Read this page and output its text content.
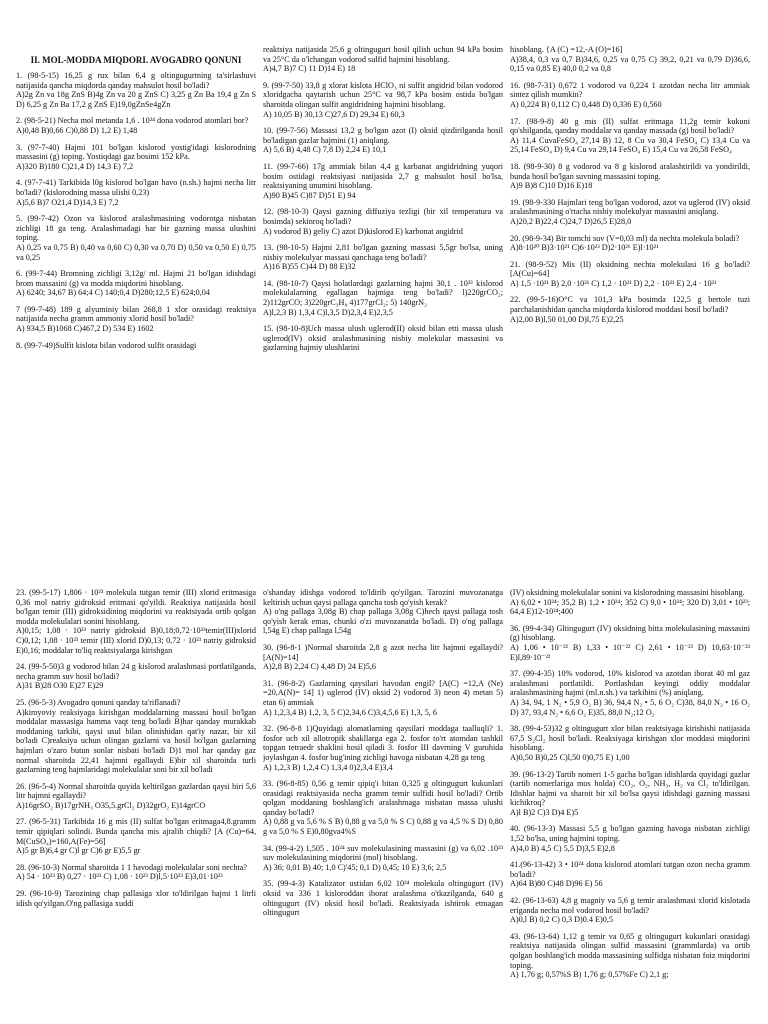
II. MOL-MODDA MIQDORI. AVOGADRO QONUNI

1. (98-5-15) 16,25 g rux bilan 6,4 g oltingugurtning ta'sirlashuvi natijasida qancha miqdorda qanday mahsulot hosil bo'ladi?

A)2g Zn va 18g ZnS B)4g Zn va 20 g ZnS C) 3,25 g Zn Ba 19,4 g Zn S D) 6,25 g Zn Ba 17,2 g ZnS E)19,0gZnSe4gZn

2. (98-5-21) Necha mol metanda 1,6 . 10²⁴ dona vodorod atomlari bor?

A)0,48 B)0,66 C)0,88 D) 1,2 E) 1,48

3. (97-7-40) Hajmi 101 bo'lgan kislorod yostig'idagi kislorodning massasini (g) toping. Yostiqdagi gaz bosimi 152 kPa.

A)320 B)180 C)21,4 D) 14,3 E) 7,2

4. (97-7-41) Tarkibida l0g kislorod bo'lgan havo (n.sh.) hajmi necha litr bo'ladi? (kislorodning massa ulishi 0,23)

A)5,6 B)7 O21,4 D)14,3 E) 7,2

5. (99-7-42) Ozon va kislorod aralashmasining vodorotga nisbatan zichligi 18 ga teng. Aralashmadagi har bir gazning massa ulushini toping.

A) 0,25 va 0,75 B) 0,40 va 0,60 C) 0,30 va 0,70 D) 0,50 va 0,50 E) 0,75 va 0,25

6. (99-7-44) Bromning zichligi 3,12g/ ml. Hajmi 21 bo'lgan idishdagi brom massasini (g) va modda miqdorini hisoblang.

A) 6240; 34,67 B) 64;4 C) 140;0,4 D)280;12,5 E) 624;0,04

7 (99-7-48) 189 g alyuminiy bilan 268,8 1 xlor orasidagi reaktsiya natijasida necha gramm ammoniy xlorid hosil bo'ladi?

A) 934,5 B)1068 C)467,2 D) 534 E) 1602

8. (99-7-49)Sulfit kislota bilan vodorod sulfit orasidagi

reaktsiya natijasida 25,6 g oltingugurt hosil qilish uchun 94 kPa bosim va 25°C da o'lchangan vodorod sulfid hajmini hisoblang.

A)4,7 B)7 C) 11 D)14 E) 18

9. (99-7-50) 33,8 g xlorat kislota HClO₃ ni sulfit angidrid bilan vodorod xloridgacha qaytarish uchun 25°C va 98,7 kPa bosim ostida bo'lgan sharoitda olingan sulfit angidridning hajmini hisoblang.

A) 10,05 B) 30,13 C)27,6 D) 29,34 E) 60,3

10. (99-7-56) Massasi 13,2 g bo'lgan azot (I) oksid qizdirilganda hosil bo'ladigan gazlar hajmini (1) aniqlang.

A) 5,6 B) 4,48 C) 7,8 D) 2,24 E) 10,1

11. (99-7-66) 17g ammiak bilan 4,4 g karbanat angidridning yuqori bosim ostidagi reaktsiyasi natijasida 2,7 g mahsulot hosil bo'lsa, reaktsiyaning unumini hisoblang.

A)90 B)45 C)87 D)51 E) 94

12. (98-10-3) Qaysi gazning diffuziya tezligi (bir xil temperatura va bosimda) sekinroq bo'ladi?

A) vodorod B) geliy C) azot D)kislorod E) karbonat angidrid

13. (98-10-5) Hajmi 2,81 bo'lgan gazning massasi 5,5gr bo'lsa, uning nisbiy molekulyar massasi qanchaga teng bo'ladi?

A)16 B)55 C)44 D) 88 E)32

14. (98-10-7) Qaysi holatlardagi gazlarning hajmi 30,1 . 10²³ kislorod molekulalarning egallagan hajmiga teng bo'ladi? l)220grCO₂; 2)112grCO; 3)220grC₃H₈ 4)177grCl₂; 5) 140grN₂

A)l,2,3 B) 1,3,4 C)l,3,5 D)2,3,4 E)2,3,5

15. (98-10-8)Uch massa ulush uglerod(II) oksid bilan etti massa ulush uglerod(IV) oksid aralashmasining nisbiy molekular massasini va gazlarning hajmiy ulushlarini

hisoblang. {A (C) =12,-A (O)=16]

A)38,4, 0,3 va 0,7 B)34,6, 0,25 va 0,75 C) 39,2, 0,21 va 0,79 D)36,6, 0,15 va 0,85 E) 40,0 0,2 va 0,8

16. (98-7-31) 0,672 1 vodorod va 0,224 1 azotdan necha litr ammiak sintez qilish mumkin?

A) 0,224 B) 0,112 C) 0,448 D) 0,336 E) 0,560

17. (98-9-8) 40 g mis (II) sulfat eritmaga 11,2g temir kukuni qo'shilganda, qanday moddalar va qanday massada (g) hosil bo'ladi?

A) 11,4 CuvaFeSO₄ 27,14 B) 12, 8 Cu va 30,4 FeSO₄ C) 13,4 Cu va 25,14 FeSO₄ D) 9,4 Cu va 29,14 FeSO₄ E) 15,4 Cu va 26,58 FeSO₄

18. (98-9-30) 8 g vodorod va 8 g kislorod aralashtirildi va yondirildi, bunda hosil bo'lgan suvning massasini toping.

A)9 B)8 C)10 D)16 E)18

19. (98-9-330 Hajmlari teng bo'lgan vodorod, azot va uglerod (IV) oksid aralashmasining o'rtacha nisbiy molekulyar massasini aniqlang.

A)20,2 B)22,4 C)24,7 D)26,5 E)28,0

20. (98-9-34) Bir tomchi suv (V=0,03 ml) da nechta molekula boladi?

A)8·10²⁰ B)3·10²¹ C)6·10²³ D)2·10²⁶ E)l·10²¹

21. (98-9-52) Mis (II) oksidning nechta molekulasi 16 g bo'ladi?[A(Cu)=64]

A) 1,5 ·10²¹ B) 2,0 ·10²¹ C) 1,2 · 10²¹ D) 2,2 · 10²¹ E) 2,4 · 10²¹

22. (99-5-16)O°C va 101,3 kPa bosimda 122,5 g bertole tuzi parchalanishidan qancha miqdorda kislorod moddasi hosil bo'ladi?

A)2,00 B)l,50 01,00 D)l,75 E)2,25

23. (99-5-17) 1,806 · 10²³ molekula tutgan temir (III) xlorid eritmasiga 0,36 mol natriy gidroksid eritmasi qo'yildi. Reaksiya natijasida hosil bo'lgan temir (III) gidroksidining miqdorini va reaktsiyada ortib qolgan modda molekulalari sonini hisoblang.

A)0,15; 1,08 · 10²³ natriy gidroksid B)0,18;0,72·10²³temir(III)xlorid C)0,12; 1,08 · 10²³ temir (III) xlorid D)0,13; 0,72 · 10²³ natriy gidroksid E)0,16; moddalar to'liq reaktsiyalarga kirishgan

24. (99-5-50)3 g vodorod bilan 24 g kislorod aralashmasi portlatilganda, necha gramm suv hosil bo'ladi?

A)31 B)28 O30 E)27 E)29

25. (96-5-3) Avogadro qonuni qanday ta'riflanadi?

A)kimyoviy reaksiyaga kirishgan moddalarning massasi hosil bo'lgan moddalar massasiga hamma vaqt teng bo'ladi B)har qanday murakkab moddaning tarkibi, qaysi usul bilan olinishidan qat'iy nazar, bir xil bo'ladi C)reaksiya uchun olingan gazlarni va hosil bo'lgan gazlarning hajmlari o'zaro butun sonlar nisbati bo'ladi D)1 mol har qanday gaz normal sharoitda 22,41 hajmni egallaydi E)bir xil sharoitda turli gazlarning teng hajmlaridagi molekulalar soni bir xil bo'ladi

26. (96-5-4) Normal sharoitda quyida keltirilgan gazlardan qaysi biri 5,6 litr hajmni egallaydi?

A)16grSO₂ B)17grNH₃ O35,5.grCl₂ D)32grO₂ E)14grCO

27. (96-5-31) Tarkibida 16 g mis (II) sulfat bo'lgan eritmaga4,8.gramm temir qipiqlari solindi. Bunda qancha mis ajralib chiqdi? [A (Cu)=64, M(CuSO₄)=160,A(Fe)=56]

A)5 gr B)6,4 gr C)l gr C)6 gr E)5,5 gr

28. (96-10-3) Normal sharoitda 1 1 havodagi molekulalar soni nechta?

A) 54 · 10²³ B) 0,27 · 10²³ C) 1,08 · 10²³ D)l,5·10²³ E)3,01·10²³

29. (96-10-9) Tarozining chap pallasiga xlor to'ldirilgan hajmi 1 litrli idish qo'yilgan.O'ng pallasiga xuddi

o'shanday idishga vodorod to'ldirib qo'yilgan. Tarozini muvozanatga keltirish uchun qaysi pallaga qancha tosh qo'yish kerak?

A) o'ng pallaga 3,08g B) chap pallaga 3,08g C)hech qaysi pallaga tosh qo'yish kerak emas, chunki o'zi muvozanatda bo'ladi. D) o'ng pallaga l,54g E) chap pallaga l,54g

30. (96-8-1 )Normal sharoitda 2,8 g azot necha litr hajmni egallaydi? [A(N)=14]

A)2,8 B) 2,24 C) 4,48 D) 24 E)5,6

31. (96-8-2) Gazlarning qaysilari havodan engil? [A(C) =12,A (Ne) =20,A(N)= 14] 1) uglerod (IV) oksid 2) vodorod 3) neon 4) metan 5) etan 6) ammiak

A) 1,2,3,4 B) 1,2, 3, 5 C)2,34,6 C)3,4,5,6 E) 1,3, 5, 6

32. (96-8-8 1)Quyidagi alomatlarning qaysilari moddaga taalluqli? 1. fosfor uch xil allotropik shakllarga ega 2. fosfor to'rt atomdan tashkil topgan tetraedr shaklini hosil qiladi 3. fosfor III davrning V guruhida joylashgan 4. fosfor bug'ining zichligi havoga nisbatan 4,28 ga teng

A) 1,2,3 B) 1,2,4 C) 1,3,4 0)2,3,4 E)3,4

33. (96-8-85) 0,56 g temir qipiq'i bitan 0,325 g oltingugurt kukunlari orasidagi reaktsiyasida necha gramm temir sulfidi hosil bo'ladi? Ortib qolgan moddaning boshlang'ich aralashmaga nisbatan massa ulushi qanday bo'ladi?

A) 0,88 g va 5,6 % S B) 0,88 g va 5,0 % S C) 0,88 g va 4,5 % S D) 0,80 g va 5,0 % S E)0,80gva4%S

34. (99-4-2) 1,505 . 10²⁴ suv molekulasining massasini (g) va 6,02 .10²³ suv molekulasining miqdorini (mol) hisoblang.

A) 36; 0,01 B) 40; 1,0 C)'45; 0,1 D) 0,45; 10 E) 3,6; 2,5

35. (99-4-3) Katalizator ustidan 6,02 10²⁴ molekula oltingugurt (IV) oksid va 336 1 kisloroddan iborat aralashma o'tkazilganda, 640 g oltingugurt (IV) oksid hosil bo'ladi. Reaktsiyada ishtirok etmagan oltingugurt

(IV) oksidning molekulalar sonini va kislorodning massasini hisoblang.

A) 6,02 • 10²⁴; 35,2 B) 1,2 • 10²⁴; 352 C) 9,0 • 10²⁴; 320 D) 3,01 • 10²³; 64,4 E)12-10²⁴;400

36. (99-4-34) Gltingugurt (IV) oksidning bitta molekulasining massasini (g) hisoblang.

A) 1,06 • 10⁻²² B) 1,33 • 10⁻²² C) 2,61 • 10⁻²³ D) 10,63·10⁻²³ E)l,89·10⁻²²

37. (99-4-35) 10% vodorod, 10% kislorod va azotdan iborat 40 ml gaz aralashmasi portlatildi. Portlashdan keyingi oddiy moddalar aralashmasining hajmi (ml.n.sh.) va tarkibini (%) aniqlang.

A) 34, 94, 1 N₂ • 5,9 O₂ B) 36, 94,4 N₂ • 5, 6 O₂ C)38, 84,0 N₂ • 16 O₂ D) 37, 93,4 N₂ • 6,6 O₂ E)35, 88,0 N₂;12 O₂

38. (99-4-53)32 g oltingugurt xlor bilan reaktsiyaga kirishishi natijasida 67,5 S₂Cl₂ hosil bo'ladi. Reaksiyaga kirishgan xlor moddasi miqdorini hisoblang.

A)0,50 B)0,25 C)l,50 0)0,75 E) 1,00

39. (96-13-2) Tartib nomeri 1-5 gacha bo'lgan idishlarda quyidagi gazlar (tartib nomerlariga mos holda) CO₂, O₂, NH₃, H₂ va Cl₂ to'ldirilgan. Idishlar hajmi va sharoit bir xil bo'lsa qaysi idishdagi gazning massasi kichikroq?

A)l B)2 C)3 D)4 E)5

40. (96-13-3) Massasi 5,5 g bo'lgan gazning havoga nisbatan zichligi 1,52 bo'lsa, uning hajmini toping.

A)4,0 B) 4,5 C) 5,5 D)3,5 E)2,8

41.(96-13-42) 3 • 10²⁴ dona kislorod atomlari tutgan ozon necha gramm bo'ladi?

A)64 B)80 C)48 D)96 E) 56

42. (96-13-63) 4,8 g magniy va 5,6 g temir aralashmasi xlorid kislotada eriganda necha mol vodorod hosil bo'ladi?

A)0,l B) 0,2 C) 0,3 D)0.4 E)0,5

43. (96-13-64) 1,12 g temir va 0,65 g oltingugurt kukunlari orasidagi reaktsiya natijasida olingan sulfid massasini (grammlarda) va ortib qolgan boshlang'ich modda massasining sulfidga nisbatan foiz miqdorini toping.

A) 1,76 g; 0,57%S B) 1,76 g; 0,57%Fe C) 2,1 g;
